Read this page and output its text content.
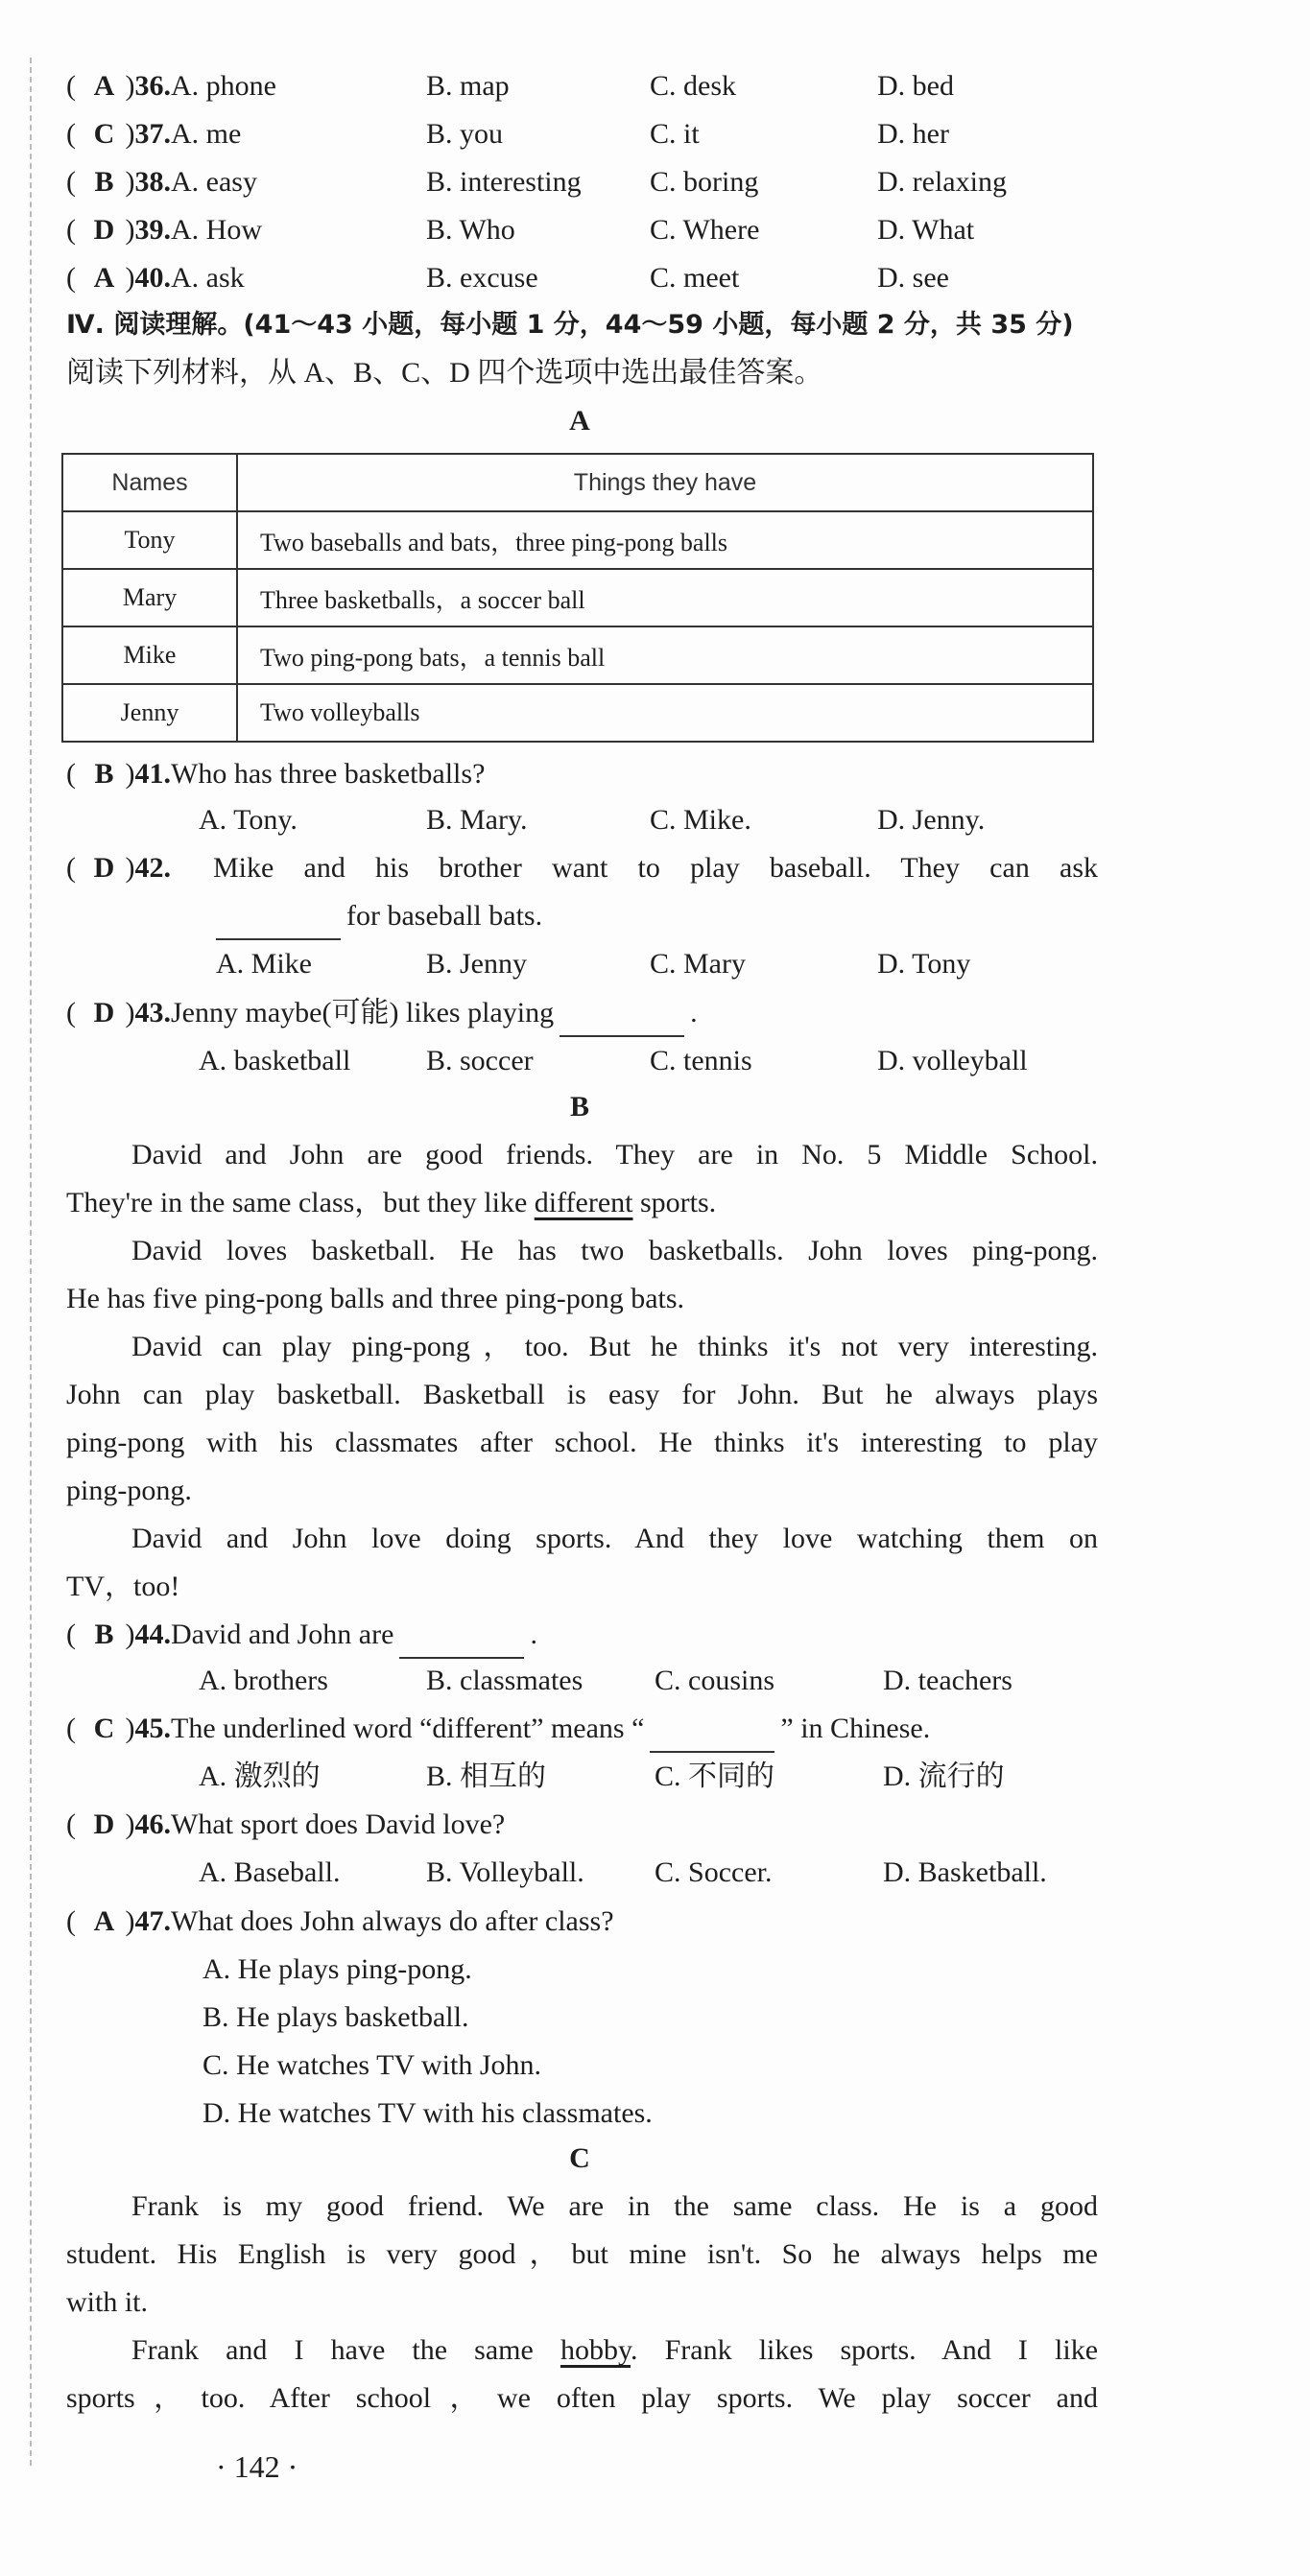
( A )36.A. phone	B. map	C. desk	D. bed
( C )37.A. me	B. you	C. it	D. her
( B )38.A. easy	B. interesting C. boring	D. relaxing
( D )39.A. How	B. Who	C. Where	D. What
( A )40.A. ask	B. excuse	C. meet	D. see
Ⅳ. 阅读理解。(41～43 小题，每小题 1 分，44～59 小题，每小题 2 分，共 35 分)
阅读下列材料，从 A、B、C、D 四个选项中选出最佳答案。
A
Names	Things they have
Tony	Two baseballs and bats，three ping-pong balls
Mary	Three basketballs，a soccer ball
Mike	Two ping-pong bats，a tennis ball
Jenny	Two volleyballs
( B )41.Who has three basketballs?
A. Tony.	B. Mary.	C. Mike.	D. Jenny.
( D )42. Mike and his brother want to play baseball. They can ask
for baseball bats.
A. Mike	B. Jenny	C. Mary	D. Tony
( D )43.Jenny maybe(可能) likes playing	.
A. basketball	B. soccer	C. tennis	D. volleyball
B
David and John are good friends. They are in No. 5 Middle School.
They're in the same class，but they like different sports.
David loves basketball. He has two basketballs. John loves ping-pong.
He has five ping-pong balls and three ping-pong bats.
David can play ping-pong，too. But he thinks it's not very interesting.
John can play basketball. Basketball is easy for John. But he always plays
ping-pong with his classmates after school. He thinks it's interesting to play
ping-pong.
David and John love doing sports. And they love watching them on
TV，too!
( B )44.David and John are	.
A. brothers	B. classmates C. cousins	D. teachers
( C )45.The underlined word “different” means “	” in Chinese.
A. 激烈的	B. 相互的	C. 不同的	D. 流行的
( D )46.What sport does David love?
A. Baseball.	B. Volleyball. C. Soccer.	D. Basketball.
( A )47.What does John always do after class?
A. He plays ping-pong.
B. He plays basketball.
C. He watches TV with John.
D. He watches TV with his classmates.
C
Frank is my good friend. We are in the same class. He is a good
student. His English is very good，but mine isn't. So he always helps me
with it.
Frank and I have the same hobby. Frank likes sports. And I like
sports，too. After school，we often play sports. We play soccer and
· 142 ·
